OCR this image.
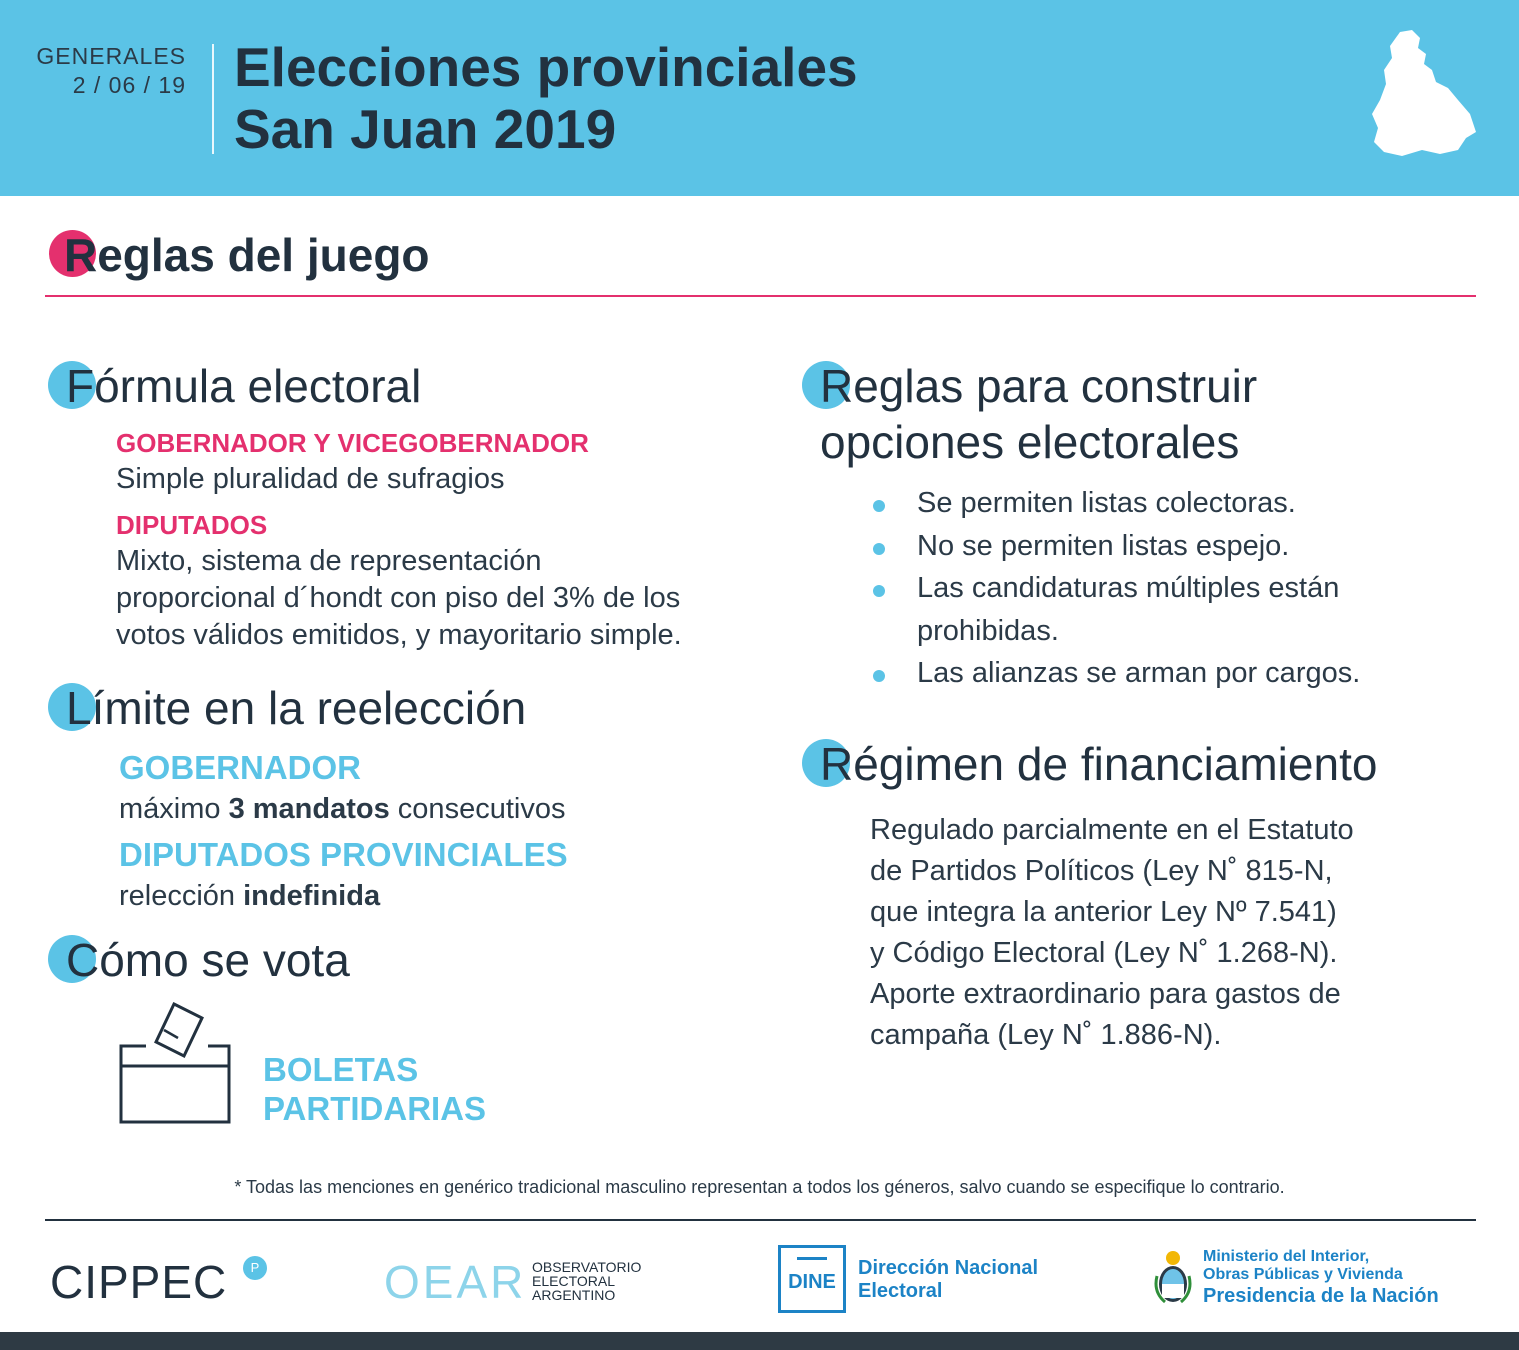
GENERALES
2 / 06 / 19 Elecciones provinciales
San Juan 2019
Reglas del juego
Fórmula electoral
GOBERNADOR Y VICEGOBERNADOR
Simple pluralidad de sufragios
DIPUTADOS
Mixto, sistema de representación
proporcional d´hondt con piso del 3% de los
votos válidos emitidos, y mayoritario simple.
Límite en la reelección
GOBERNADOR
máximo 3 mandatos consecutivos
DIPUTADOS PROVINCIALES
relección indefinida
Cómo se vota
BOLETAS
PARTIDARIAS
Reglas para construir
opciones electorales
Se permiten listas colectoras.
No se permiten listas espejo.
Las candidaturas múltiples están prohibidas.
Las alianzas se arman por cargos.
Régimen de financiamiento
Regulado parcialmente en el Estatuto
de Partidos Políticos (Ley N˚ 815-N,
que integra la anterior Ley Nº 7.541)
y Código Electoral (Ley N˚ 1.268-N).
Aporte extraordinario para gastos de
campaña (Ley N˚ 1.886-N).
* Todas las menciones en genérico tradicional masculino representan a todos los géneros, salvo cuando se especifique lo contrario.
CIPPEC	P	OEAR OBSERVATORIO
ELECTORAL
ARGENTINO
DINE
Dirección Nacional
Electoral
Ministerio del Interior,
Obras Públicas y Vivienda
Presidencia de la Nación
